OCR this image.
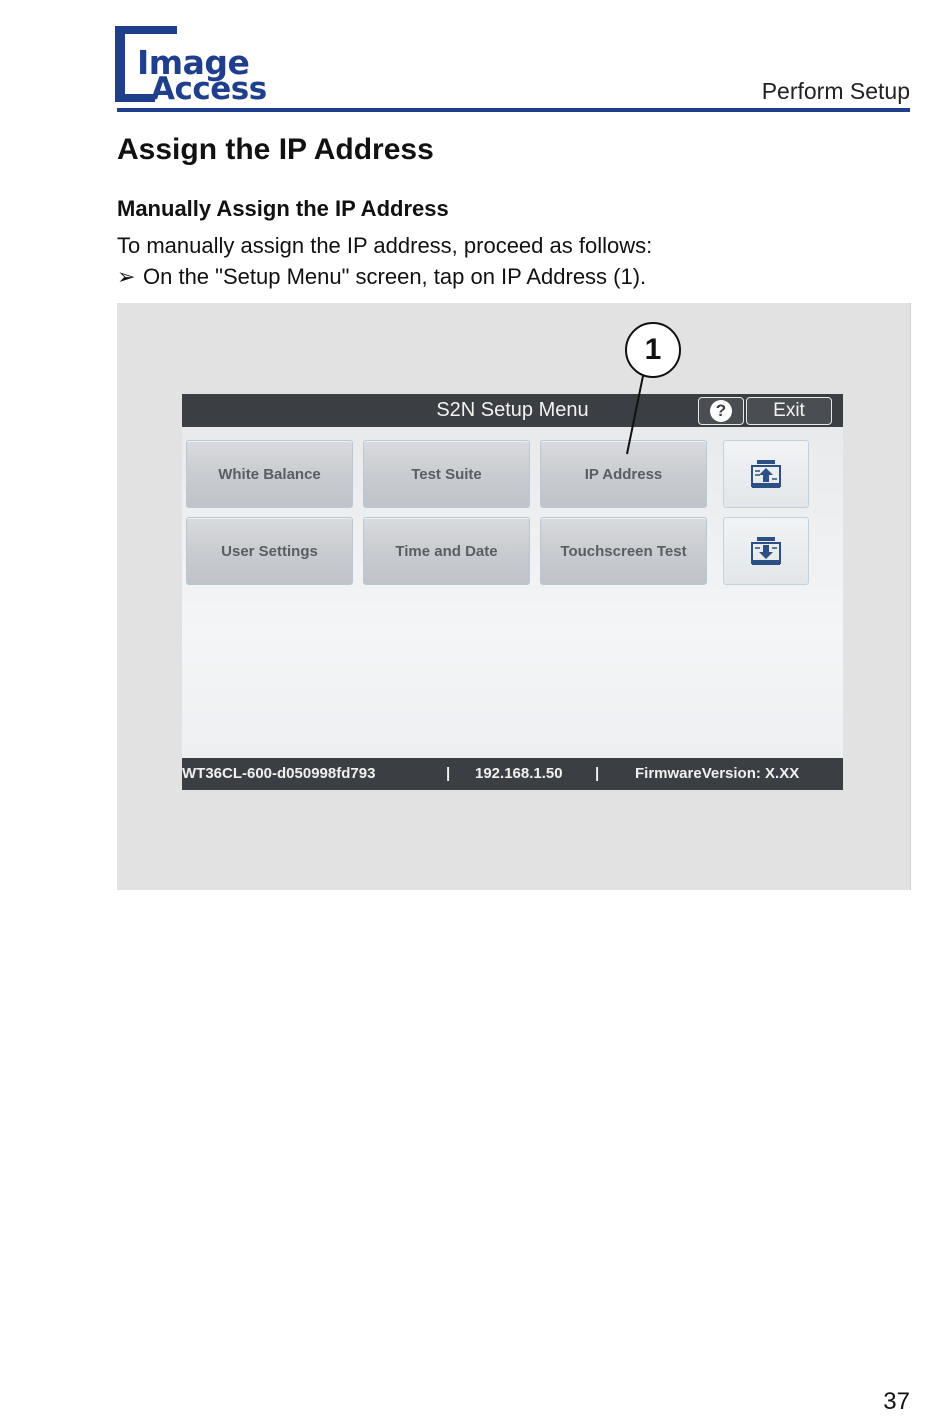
Image
Access	Perform Setup
Assign the IP Address
Manually Assign the IP Address
To manually assign the IP address, proceed as follows:
➢ On the "Setup Menu" screen, tap on IP Address (1).
S2N Setup Menu	?	Exit
White Balance	Test Suite	IP Address
User Settings	Time and Date	Touchscreen Test
WT36CL-600-d050998fd793	| 192.168.1.50 | FirmwareVersion: X.XX
1
37
